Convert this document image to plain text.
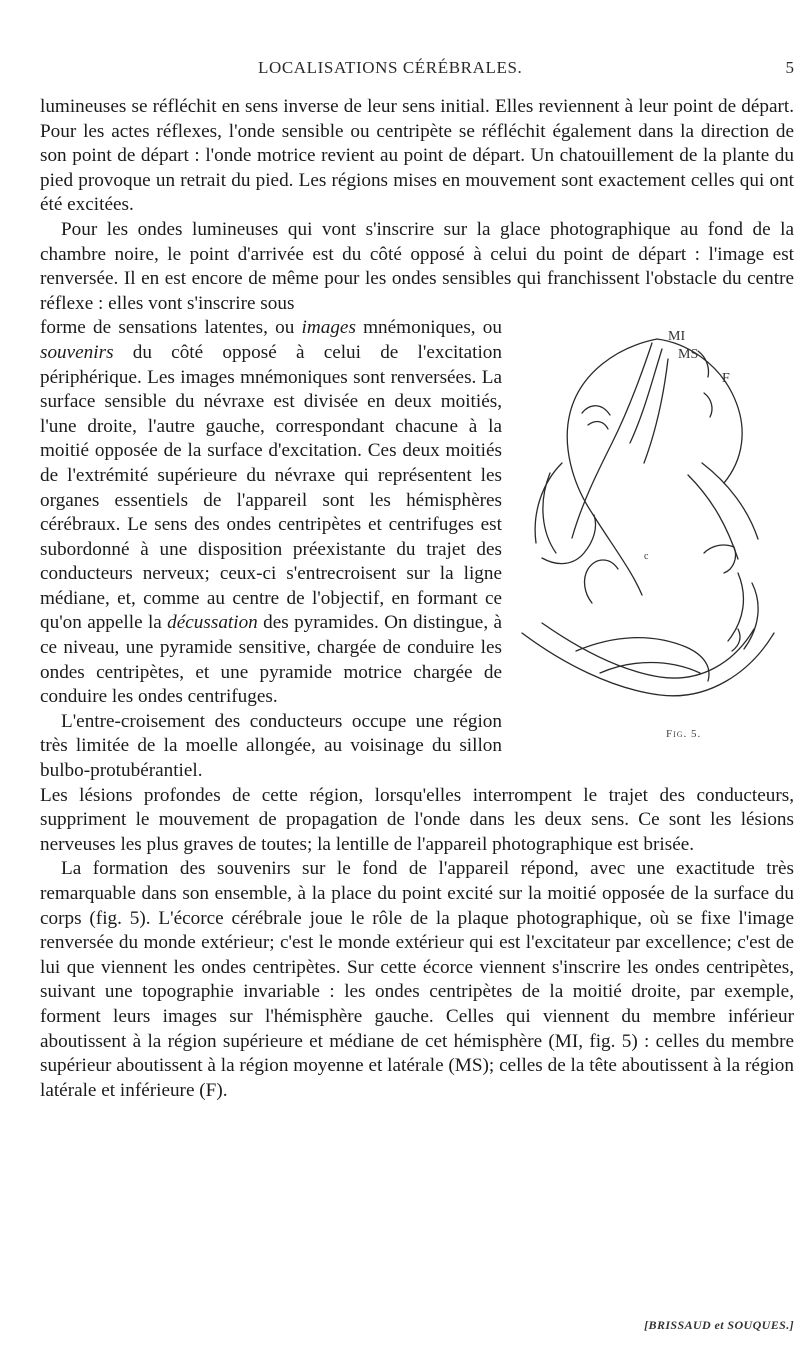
LOCALISATIONS CÉRÉBRALES.	5

lumineuses se réfléchit en sens inverse de leur sens initial. Elles reviennent à leur point de départ. Pour les actes réflexes, l'onde sensible ou centripète se réfléchit également dans la direction de son point de départ : l'onde motrice revient au point de départ. Un chatouillement de la plante du pied provoque un retrait du pied. Les régions mises en mouvement sont exactement celles qui ont été excitées.

Pour les ondes lumineuses qui vont s'inscrire sur la glace photographique au fond de la chambre noire, le point d'arrivée est du côté opposé à celui du point de départ : l'image est renversée. Il en est encore de même pour les ondes sensibles qui franchissent l'obstacle du centre réflexe : elles vont s'inscrire sous

forme de sensations latentes, ou images mnémoniques, ou souvenirs du côté opposé à celui de l'excitation périphérique. Les images mnémoniques sont renversées. La surface sensible du névraxe est divisée en deux moitiés, l'une droite, l'autre gauche, correspondant chacune à la moitié opposée de la surface d'excitation. Ces deux moitiés de l'extrémité supérieure du névraxe qui représentent les organes essentiels de l'appareil sont les hémisphères cérébraux. Le sens des ondes centripètes et centrifuges est subordonné à une disposition préexistante du trajet des conducteurs nerveux; ceux-ci s'entrecroisent sur la ligne médiane, et, comme au centre de l'objectif, en formant ce qu'on appelle la décussation des pyramides. On distingue, à ce niveau, une pyramide sensitive, chargée de conduire les ondes centripètes, et une pyramide motrice chargée de conduire les ondes centrifuges.

L'entre-croisement des conducteurs occupe une région très limitée de la moelle allongée, au voisinage du sillon bulbo-protubérantiel.

Les lésions profondes de cette région, lorsqu'elles interrompent le trajet des conducteurs, suppriment le mouvement de propagation de l'onde dans les deux sens. Ce sont les lésions nerveuses les plus graves de toutes; la lentille de l'appareil photographique est brisée.

La formation des souvenirs sur le fond de l'appareil répond, avec une exactitude très remarquable dans son ensemble, à la place du point excité sur la moitié opposée de la surface du corps (fig. 5). L'écorce cérébrale joue le rôle de la plaque photographique, où se fixe l'image renversée du monde extérieur; c'est le monde extérieur qui est l'excitateur par excellence; c'est de lui que viennent les ondes centripètes. Sur cette écorce viennent s'inscrire les ondes centripètes, suivant une topographie invariable : les ondes centripètes de la moitié droite, par exemple, forment leurs images sur l'hémisphère gauche. Celles qui viennent du membre inférieur aboutissent à la région supérieure et médiane de cet hémisphère (MI, fig. 5) : celles du membre supérieur aboutissent à la région moyenne et latérale (MS); celles de la tête aboutissent à la région latérale et inférieure (F).

MI
MS
F
c
Fig. 5.
[BRISSAUD et SOUQUES.]
